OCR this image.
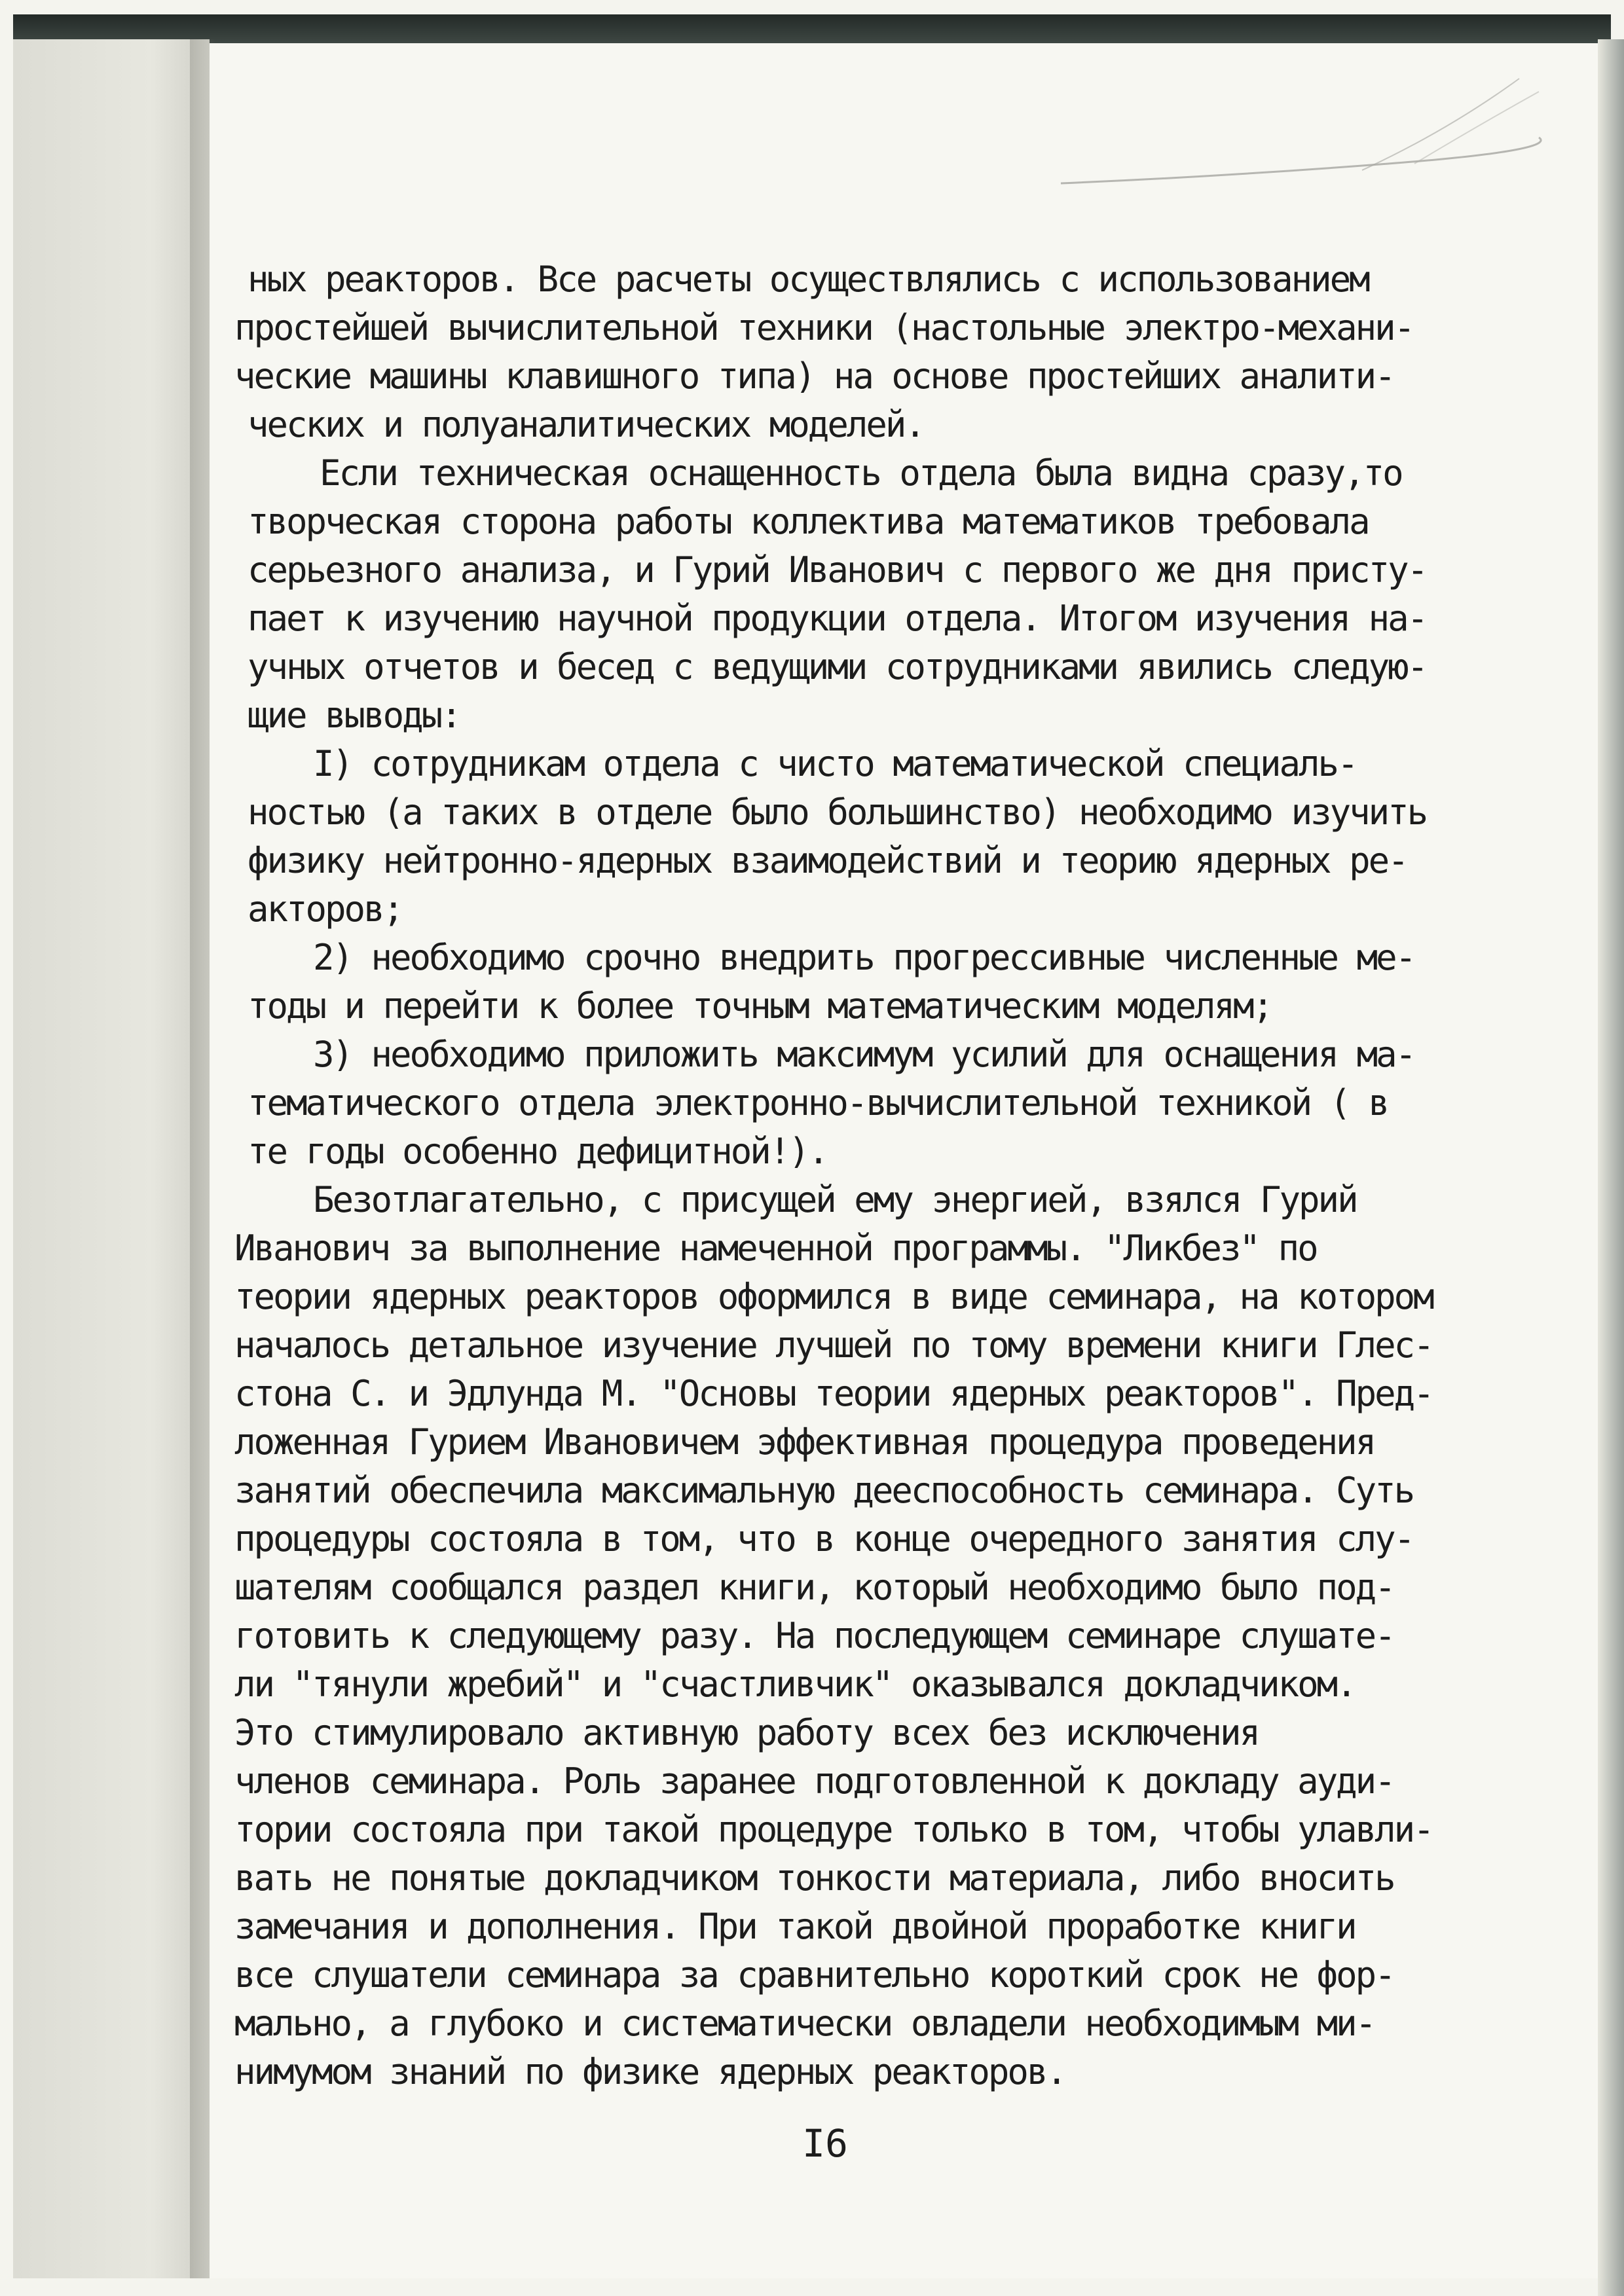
ных реакторов. Все расчеты осуществлялись с использованием
простейшей вычислительной техники (настольные электро-механи-
ческие машины клавишного типа) на основе простейших аналити-
ческих и полуаналитических моделей.
Если техническая оснащенность отдела была видна сразу,то
творческая сторона работы коллектива математиков требовала
серьезного анализа, и Гурий Иванович с первого же дня присту-
пает к изучению научной продукции отдела. Итогом изучения на-
учных отчетов и бесед с ведущими сотрудниками явились следую-
щие выводы:
I) сотрудникам отдела с чисто математической специаль-
ностью (а таких в отделе было большинство) необходимо изучить
физику нейтронно-ядерных взаимодействий и теорию ядерных ре-
акторов;
2) необходимо срочно внедрить прогрессивные численные ме-
тоды и перейти к более точным математическим моделям;
3) необходимо приложить максимум усилий для оснащения ма-
тематического отдела электронно-вычислительной техникой ( в
те годы особенно дефицитной!).
Безотлагательно, с присущей ему энергией, взялся Гурий
Иванович за выполнение намеченной программы. "Ликбез" по
теории ядерных реакторов оформился в виде семинара, на котором
началось детальное изучение лучшей по тому времени книги Глес-
стона С. и Эдлунда М. "Основы теории ядерных реакторов". Пред-
ложенная Гурием Ивановичем эффективная процедура проведения
занятий обеспечила максимальную дееспособность семинара. Суть
процедуры состояла в том, что в конце очередного занятия слу-
шателям сообщался раздел книги, который необходимо было под-
готовить к следующему разу. На последующем семинаре слушате-
ли "тянули жребий" и "счастливчик" оказывался докладчиком.
Это стимулировало активную работу всех без исключения
членов семинара. Роль заранее подготовленной к докладу ауди-
тории состояла при такой процедуре только в том, чтобы улавли-
вать не понятые докладчиком тонкости материала, либо вносить
замечания и дополнения. При такой двойной проработке книги
все слушатели семинара за сравнительно короткий срок не фор-
мально, а глубоко и систематически овладели необходимым ми-
нимумом знаний по физике ядерных реакторов.
I6
